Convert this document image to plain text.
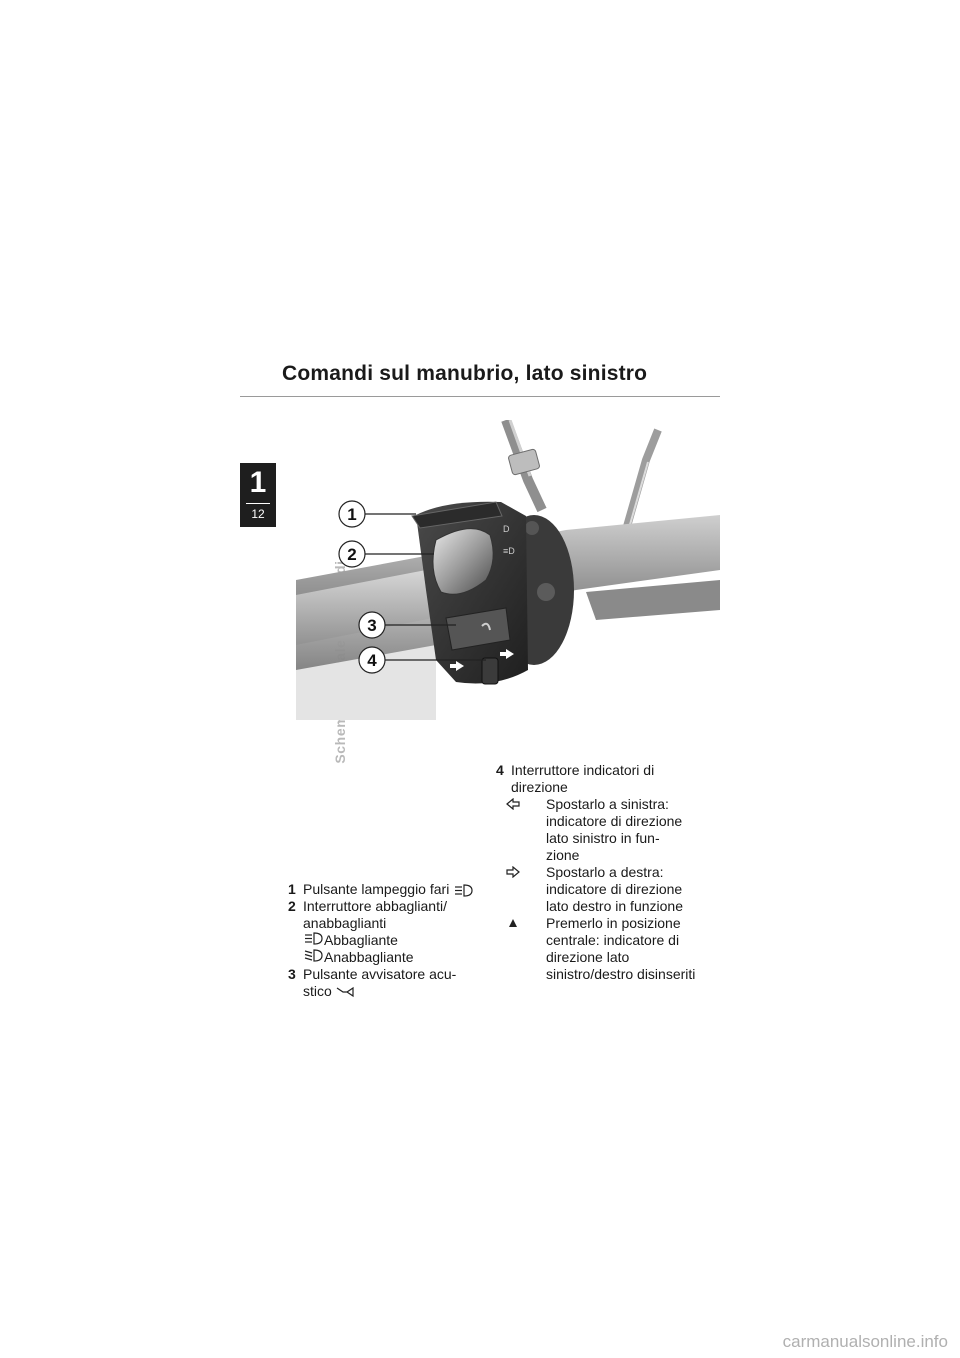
Comandi sul manubrio, lato sinistro
1
12
D
≡D
1
2
3
4
1 Pulsante lampeggio fari
2 Interruttore abbaglianti/ anabbaglianti
Abbagliante
Anabbagliante
3 Pulsante avvisatore acu-
stico
4 Interruttore indicatori di direzione
Spostarlo a sinistra: indicatore di direzione lato sinistro in fun- zione
Spostarlo a destra: indicatore di direzione lato destro in funzione
Premerlo in posizione centrale: indicatore di direzione lato sinistro/destro disinseriti
carmanualsonline.info
